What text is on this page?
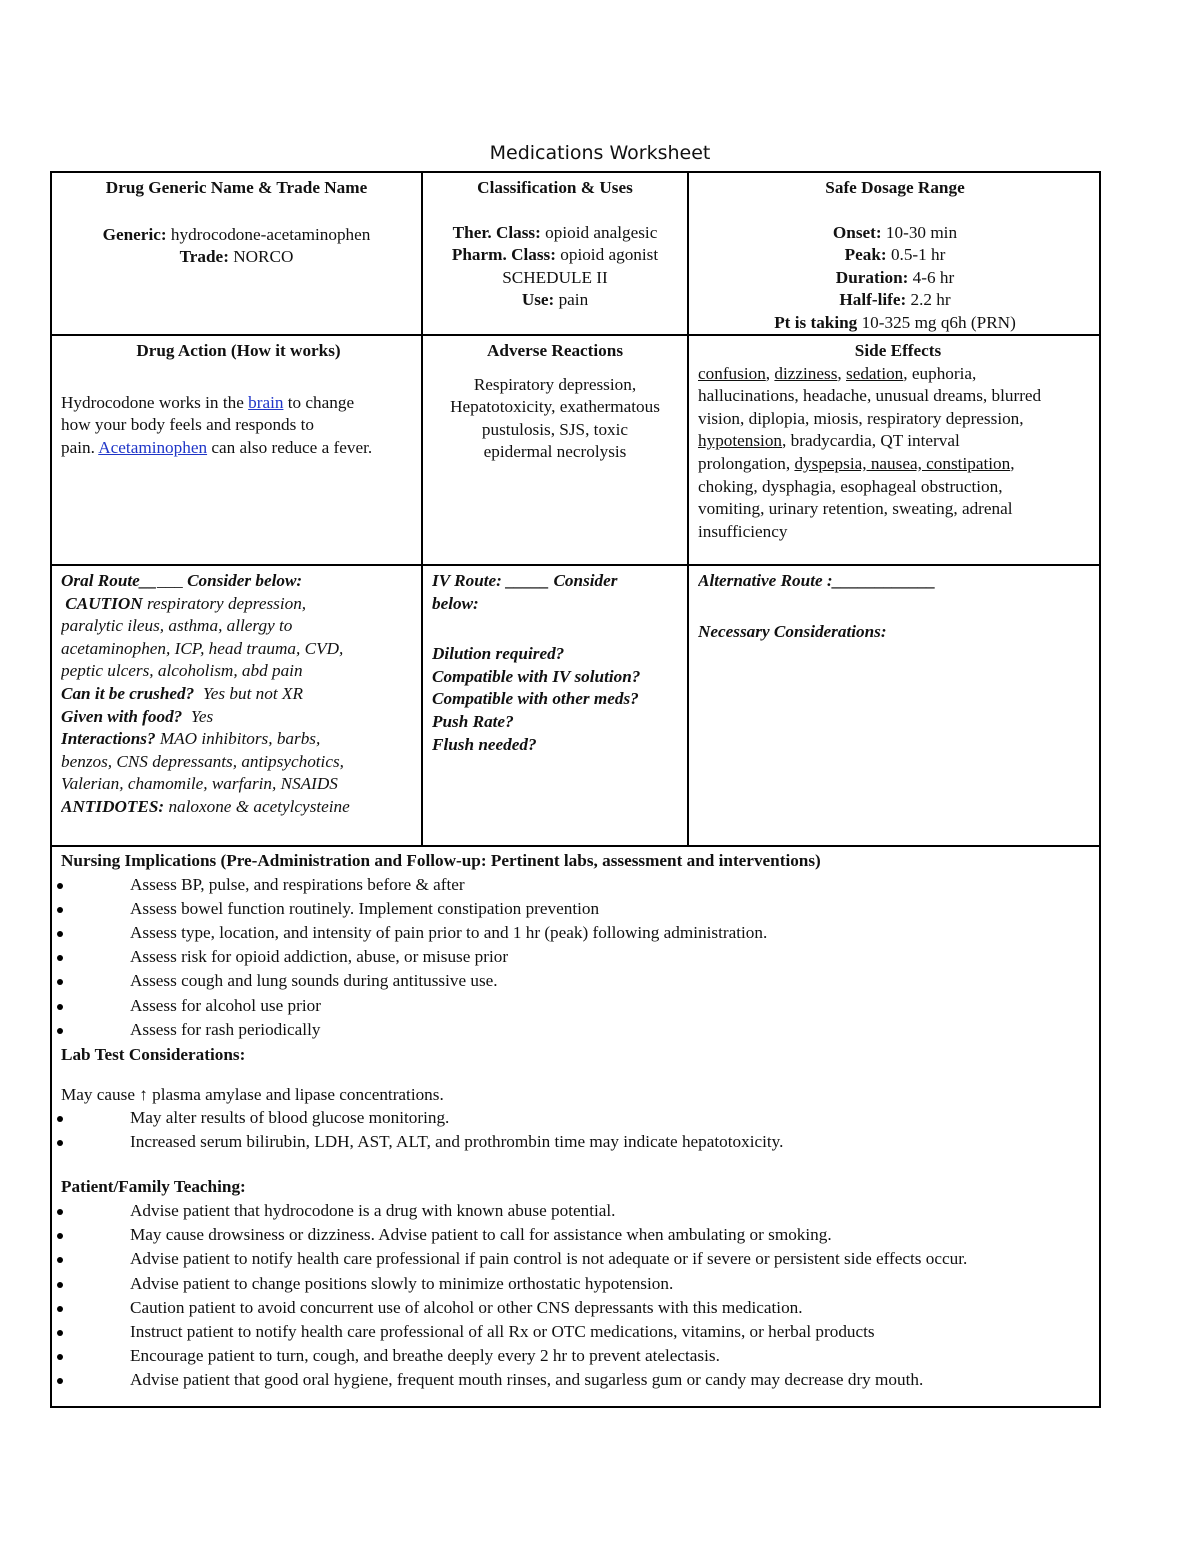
Medications Worksheet
Drug Generic Name & Trade Name
Generic: hydrocodone-acetaminophen
Trade: NORCO
Classification & Uses
Ther. Class: opioid analgesic
Pharm. Class: opioid agonist
SCHEDULE II
Use: pain
Safe Dosage Range
Onset: 10-30 min
Peak: 0.5-1 hr
Duration: 4-6 hr
Half-life: 2.2 hr
Pt is taking 10-325 mg q6h (PRN)
Drug Action (How it works)
Hydrocodone works in the brain to change
how your body feels and responds to
pain. Acetaminophen can also reduce a fever.
Adverse Reactions
Respiratory depression,
Hepatotoxicity, exathermatous
pustulosis, SJS, toxic
epidermal necrolysis
Side Effects
confusion, dizziness, sedation, euphoria,
hallucinations, headache, unusual dreams, blurred
vision, diplopia, miosis, respiratory depression,
hypotension, bradycardia, QT interval
prolongation, dyspepsia, nausea, constipation,
choking, dysphagia, esophageal obstruction,
vomiting, urinary retention, sweating, adrenal
insufficiency
Oral Route_____ Consider below:
CAUTION respiratory depression,
paralytic ileus, asthma, allergy to
acetaminophen, ICP, head trauma, CVD,
peptic ulcers, alcoholism, abd pain
Can it be crushed? Yes but not XR
Given with food? Yes
Interactions? MAO inhibitors, barbs,
benzos, CNS depressants, antipsychotics,
Valerian, chamomile, warfarin, NSAIDS
ANTIDOTES: naloxone & acetylcysteine
IV Route: _____ Consider
below:
Dilution required?
Compatible with IV solution?
Compatible with other meds?
Push Rate?
Flush needed?
Alternative Route :____________
Necessary Considerations:
Nursing Implications (Pre-Administration and Follow-up: Pertinent labs, assessment and interventions)
Assess BP, pulse, and respirations before & after
Assess bowel function routinely. Implement constipation prevention
Assess type, location, and intensity of pain prior to and 1 hr (peak) following administration.
Assess risk for opioid addiction, abuse, or misuse prior
Assess cough and lung sounds during antitussive use.
Assess for alcohol use prior
Assess for rash periodically
Lab Test Considerations:
May cause ↑ plasma amylase and lipase concentrations.
May alter results of blood glucose monitoring.
Increased serum bilirubin, LDH, AST, ALT, and prothrombin time may indicate hepatotoxicity.
Patient/Family Teaching:
Advise patient that hydrocodone is a drug with known abuse potential.
May cause drowsiness or dizziness. Advise patient to call for assistance when ambulating or smoking.
Advise patient to notify health care professional if pain control is not adequate or if severe or persistent side effects occur.
Advise patient to change positions slowly to minimize orthostatic hypotension.
Caution patient to avoid concurrent use of alcohol or other CNS depressants with this medication.
Instruct patient to notify health care professional of all Rx or OTC medications, vitamins, or herbal products
Encourage patient to turn, cough, and breathe deeply every 2 hr to prevent atelectasis.
Advise patient that good oral hygiene, frequent mouth rinses, and sugarless gum or candy may decrease dry mouth.
